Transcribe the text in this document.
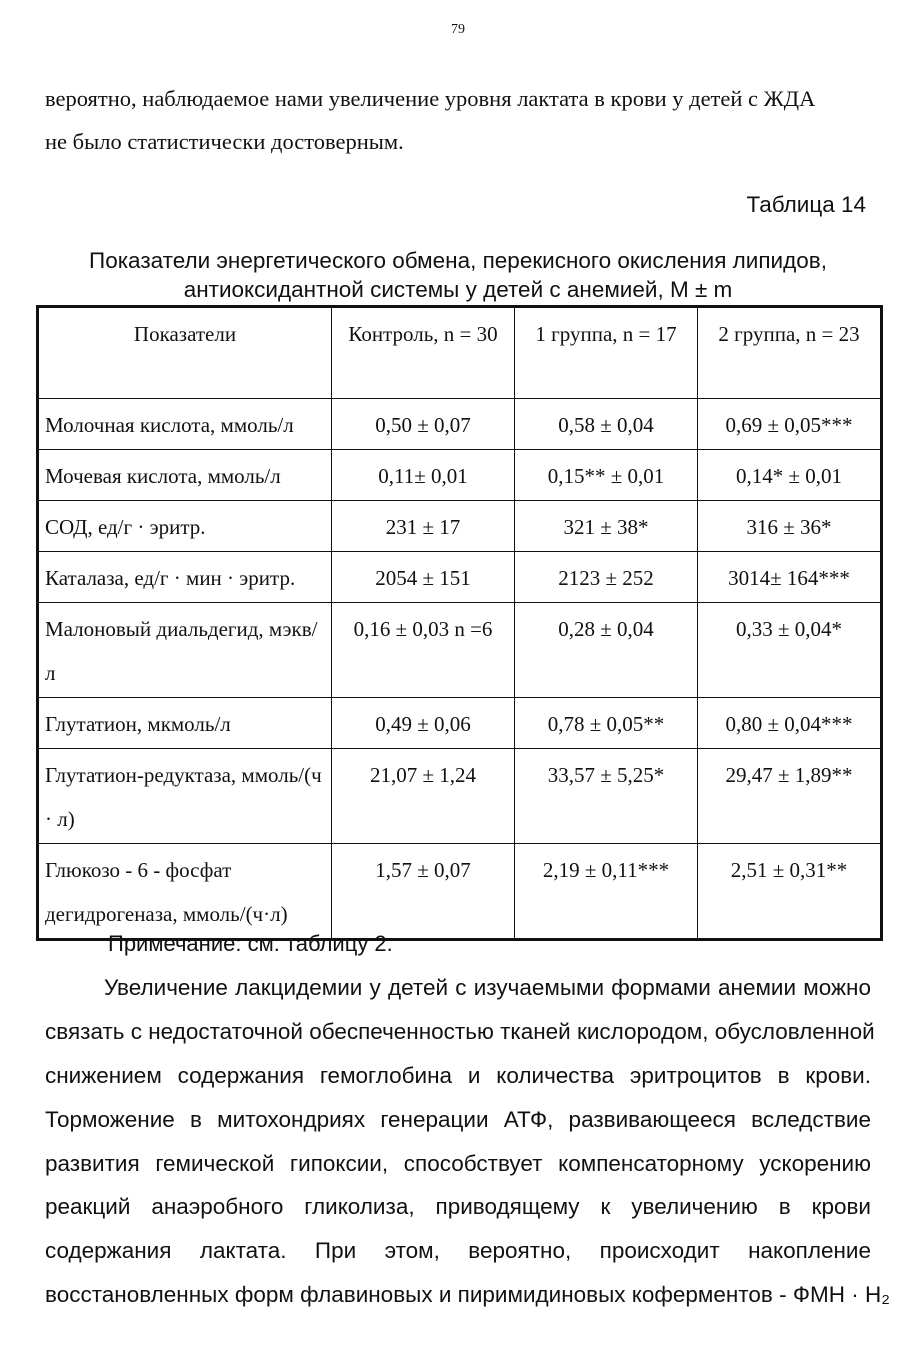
79
вероятно, наблюдаемое нами увеличение уровня лактата в крови у детей с ЖДА
не было статистически достоверным.
Таблица 14
Показатели энергетического обмена, перекисного окисления липидов,
антиоксидантной системы у детей с анемией, М ± m
Показатели	Контроль, n = 30	1 группа, n = 17	2 группа, n = 23
Молочная кислота, ммоль/л	0,50 ± 0,07	0,58 ± 0,04	0,69 ± 0,05***
Мочевая кислота, ммоль/л	0,11± 0,01	0,15** ± 0,01	0,14* ± 0,01
СОД, ед/г · эритр.	231 ± 17	321 ± 38*	316 ± 36*
Каталаза, ед/г · мин · эритр.	2054 ± 151	2123 ± 252	3014± 164***
Малоновый диальдегид, мэкв/л	0,16 ± 0,03 n =6	0,28 ± 0,04	0,33 ± 0,04*
Глутатион, мкмоль/л	0,49 ± 0,06	0,78 ± 0,05**	0,80 ± 0,04***
Глутатион-редуктаза, ммоль/(ч · л)	21,07 ± 1,24	33,57 ± 5,25*	29,47 ± 1,89**
Глюкозо - 6 - фосфат дегидрогеназа, ммоль/(ч·л)	1,57 ± 0,07	2,19 ± 0,11***	2,51 ± 0,31**
Примечание: см. таблицу 2.
Увеличение лакцидемии у детей с изучаемыми формами анемии можно
связать с недостаточной обеспеченностью тканей кислородом, обусловленной
снижением содержания гемоглобина и количества эритроцитов в крови.
Торможение в митохондриях генерации АТФ, развивающееся вследствие
развития гемической гипоксии, способствует компенсаторному ускорению
реакций анаэробного гликолиза, приводящему к увеличению в крови
содержания лактата. При этом, вероятно, происходит накопление
восстановленных форм флавиновых и пиримидиновых коферментов - ФМН · Н₂
